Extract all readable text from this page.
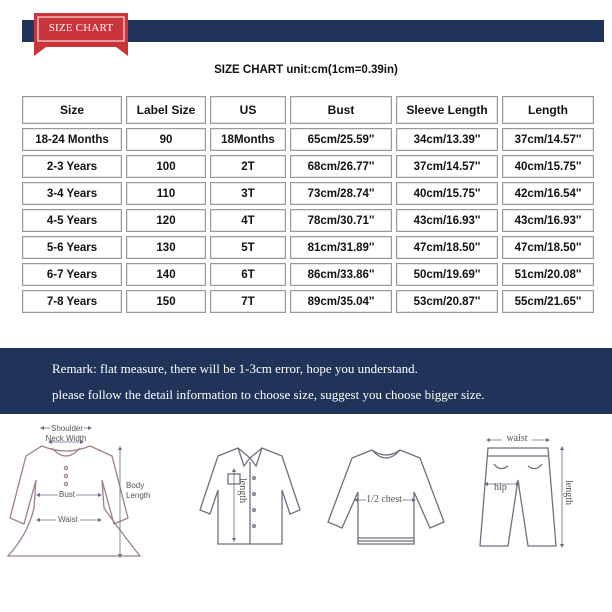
SIZE CHART
SIZE CHART unit:cm(1cm=0.39in)
Size	Label Size	US	Bust	Sleeve Length	Length
18-24 Months	90	18Months	65cm/25.59''	34cm/13.39''	37cm/14.57''
2-3 Years	100	2T	68cm/26.77''	37cm/14.57''	40cm/15.75''
3-4 Years	110	3T	73cm/28.74''	40cm/15.75''	42cm/16.54''
4-5 Years	120	4T	78cm/30.71''	43cm/16.93''	43cm/16.93''
5-6 Years	130	5T	81cm/31.89''	47cm/18.50''	47cm/18.50''
6-7 Years	140	6T	86cm/33.86''	50cm/19.69''	51cm/20.08''
7-8 Years	150	7T	89cm/35.04''	53cm/20.87''	55cm/21.65''
Remark: flat measure, there will be 1-3cm error, hope you understand.
please follow the detail information to choose size, suggest you choose bigger size.
Shoulder
Neck Width
Bust
Waist
Body
Length	length	1/2 chest
waist
hip	length
